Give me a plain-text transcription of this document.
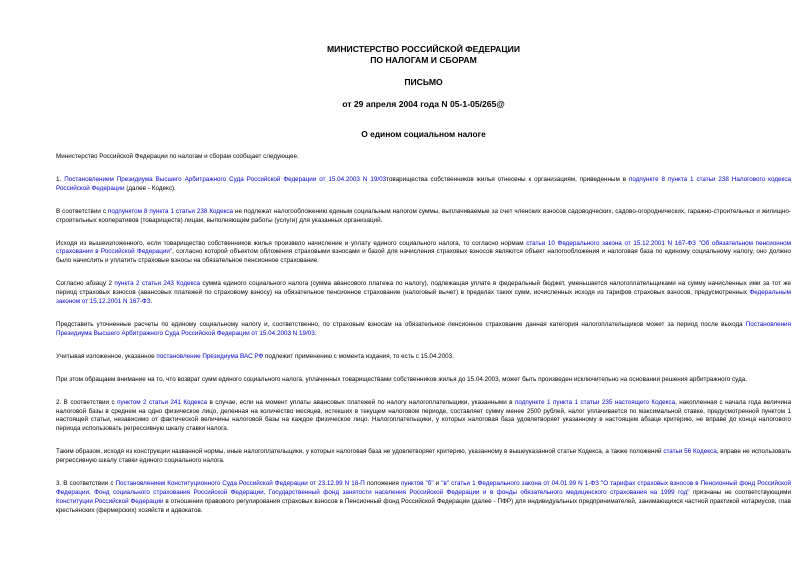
МИНИСТЕРСТВО РОССИЙСКОЙ ФЕДЕРАЦИИ
ПО НАЛОГАМ И СБОРАМ
ПИСЬМО
от 29 апреля 2004 года N 05-1-05/265@
О едином социальном налоге

Министерство Российской Федерации по налогам и сборам сообщает следующее.

1. Постановлением Президиума Высшего Арбитражного Суда Российской Федерации от 15.04.2003 N 19/03товарищества собственников жилья отнесены к организациям, приведенным в подпункте 8 пункта 1 статьи 238 Налогового кодекса Российской Федерации (далее - Кодекс).

В соответствии с подпунктом 8 пункта 1 статьи 238 Кодекса не подлежат налогообложению единым социальным налогом суммы, выплачиваемые за счет членских взносов садоводческих, садово-огороднических, гаражно-строительных и жилищно-строительных кооперативов (товариществ) лицам, выполняющим работы (услуги) для указанных организаций.

Исходя из вышеизложенного, если товарищество собственников жилья произвело начисление и уплату единого социального налога, то согласно нормам статьи 10 Федерального закона от 15.12.2001 N 167-ФЗ "Об обязательном пенсионном страховании в Российской Федерации", согласно которой объектом обложения страховыми взносами и базой для начисления страховых взносов являются объект налогообложения и налоговая база по единому социальному налогу, оно должно было начислить и уплатить страховые взносы на обязательное пенсионное страхование.

Согласно абзацу 2 пункта 2 статьи 243 Кодекса сумма единого социального налога (сумма авансового платежа по налогу), подлежащая уплате в федеральный бюджет, уменьшается налогоплательщиками на сумму начисленных ими за тот же период страховых взносов (авансовых платежей по страховому взносу) на обязательное пенсионное страхование (налоговый вычет) в пределах таких сумм, исчисленных исходя из тарифов страховых взносов, предусмотренных Федеральным законом от 15.12.2001 N 167-ФЗ.

Представить уточненные расчеты по единому социальному налогу и, соответственно, по страховым взносам на обязательное пенсионное страхование данная категория налогоплательщиков может за период после выхода Постановления Президиума Высшего Арбитражного Суда Российской Федерации от 15.04.2003 N 19/03.

Учитывая изложенное, указанное постановление Президиума ВАС РФ подлежит применению с момента издания, то есть с 15.04.2003.

При этом обращаем внимание на то, что возврат сумм единого социального налога, уплаченных товариществами собственников жилья до 15.04.2003, может быть произведен исключительно на основании решения арбитражного суда.

2. В соответствии с пунктом 2 статьи 241 Кодекса в случае, если на момент уплаты авансовых платежей по налогу налогоплательщики, указанными в подпункте 1 пункта 1 статьи 235 настоящего Кодекса, накопленная с начала года величина налоговой базы в среднем на одно физическое лицо, деленная на количество месяцев, истекших в текущем налоговом периоде, составляет сумму менее 2500 рублей, налог уплачивается по максимальной ставке, предусмотренной пунктом 1 настоящей статьи, независимо от фактической величины налоговой базы на каждое физическое лицо. Налогоплательщики, у которых налоговая база удовлетворяет указанному в настоящем абзаце критерию, не вправе до конца налогового периода использовать регрессивную шкалу ставки налога.

Таким образом, исходя из конструкции названной нормы, иные налогоплательщики, у которых налоговая база не удовлетворяет критерию, указанному в вышеуказанной статье Кодекса, а также положений статьи 56 Кодекса, вправе не использовать регрессивную шкалу ставки единого социального налога.

3. В соответствии с Постановлением Конституционного Суда Российской Федерации от 23.12.99 N 18-П положения пунктов "б" и "в" статьи 1 Федерального закона от 04.01.99 N 1-ФЗ "О тарифах страховых взносов в Пенсионный фонд Российской Федерации, Фонд социального страхования Российской Федерации, Государственный фонд занятости населения Российской Федерации и в фонды обязательного медицинского страхования на 1999 год" признаны не соответствующими Конституции Российской Федерации в отношении правового регулирования страховых взносов в Пенсионный фонд Российской Федерации (далее - ПФР) для индивидуальных предпринимателей, занимающихся частной практикой нотариусов, глав крестьянских (фермерских) хозяйств и адвокатов.
